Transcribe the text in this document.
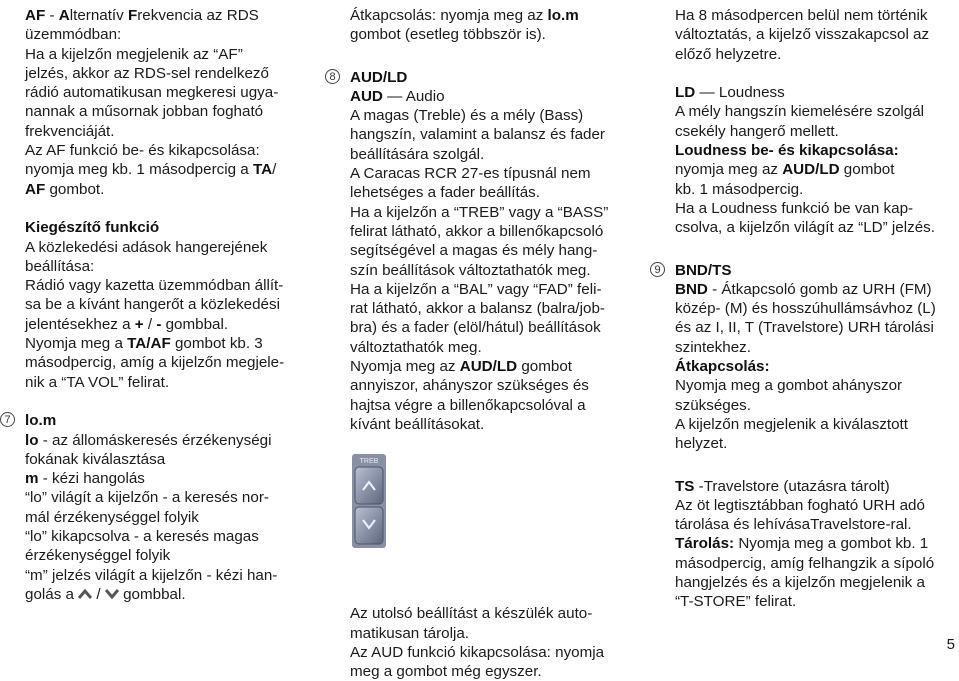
AF - Alternatív Frekvencia az RDS

üzemmódban:

Ha a kijelzőn megjelenik az “AF”

jelzés, akkor az RDS-sel rendelkező

rádió automatikusan megkeresi ugya-

nannak a műsornak jobban fogható

frekvenciáját.

Az AF funkció be- és kikapcsolása:

nyomja meg kb. 1 másodpercig a TA/

AF gombot.

Kiegészítő funkció

A közlekedési adások hangerejének

beállítása:

Rádió vagy kazetta üzemmódban állít-

sa be a kívánt hangerőt a közlekedési

jelentésekhez a + / - gombbal.

Nyomja meg a TA/AF gombot kb. 3

másodpercig, amíg a kijelzőn megjele-

nik a “TA VOL” felirat.

7 lo.m

lo - az állomáskeresés érzékenységi

fokának kiválasztása

m - kézi hangolás

“lo” világít a kijelzőn - a keresés nor-

mál érzékenységgel folyik

“lo” kikapcsolva - a keresés magas

érzékenységgel folyik

“m” jelzés világít a kijelzőn - kézi han-

golás a  /  gombbal.

Átkapcsolás: nyomja meg az lo.m

gombot (esetleg többször is).

8 AUD/LD

AUD — Audio

A magas (Treble) és a mély (Bass)

hangszín, valamint a balansz és fader

beállítására szolgál.

A Caracas RCR 27-es típusnál nem

lehetséges a fader beállítás.

Ha a kijelzőn a “TREB” vagy a “BASS”

felirat látható, akkor a billenőkapcsoló

segítségével a magas és mély hang-

szín beállítások változtathatók meg.

Ha a kijelzőn a “BAL” vagy “FAD” feli-

rat látható, akkor a balansz (balra/job-

bra) és a fader (elöl/hátul) beállítások

változtathatók meg.

Nyomja meg az AUD/LD gombot

annyiszor, ahányszor szükséges és

hajtsa végre a billenőkapcsolóval a

kívánt beállításokat.

TREB

Az utolsó beállítást a készülék auto-

matikusan tárolja.

Az AUD funkció kikapcsolása: nyomja

meg a gombot még egyszer.

Ha 8 másodpercen belül nem történik

változtatás, a kijelző visszakapcsol az

előző helyzetre.

LD — Loudness

A mély hangszín kiemelésére szolgál

csekély hangerő mellett.

Loudness be- és kikapcsolása:

nyomja meg az AUD/LD gombot

kb. 1 másodpercig.

Ha a Loudness funkció be van kap-

csolva, a kijelzőn világít az “LD” jelzés.

9 BND/TS

BND - Átkapcsoló gomb az URH (FM)

közép- (M) és hosszúhullámsávhoz (L)

és az I, II, T (Travelstore) URH tárolási

szintekhez.

Átkapcsolás:

Nyomja meg a gombot ahányszor

szükséges.

A kijelzőn megjelenik a kiválasztott

helyzet.

TS -Travelstore (utazásra tárolt)

Az öt legtisztábban fogható URH adó

tárolása és lehívásaTravelstore-ral.

Tárolás: Nyomja meg a gombot kb. 1

másodpercig, amíg felhangzik a sípoló

hangjelzés és a kijelzőn megjelenik a

“T-STORE” felirat.

5
